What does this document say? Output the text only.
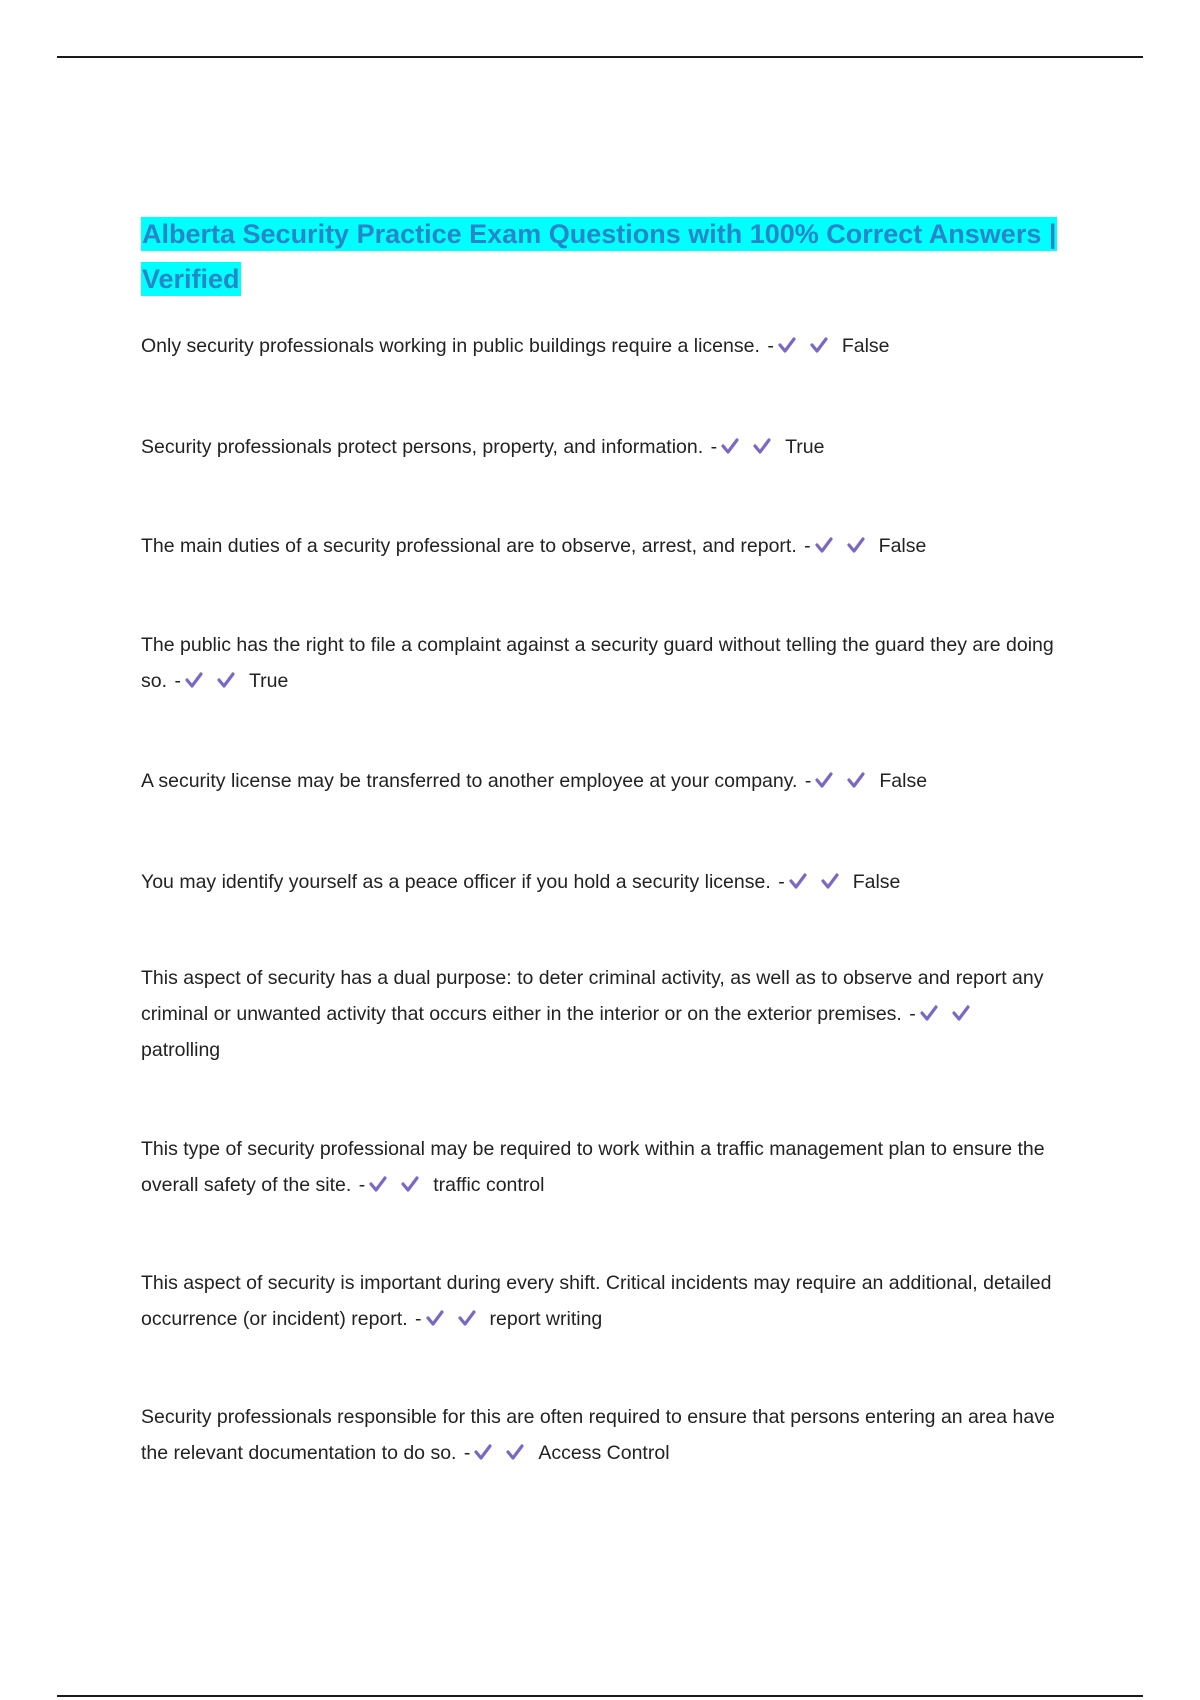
Alberta Security Practice Exam Questions with 100% Correct Answers | Verified

Only security professionals working in public buildings require a license. -	False

Security professionals protect persons, property, and information. -	True

The main duties of a security professional are to observe, arrest, and report. -	False

The public has the right to file a complaint against a security guard without telling the guard they are doing so. -	True

A security license may be transferred to another employee at your company. -	False

You may identify yourself as a peace officer if you hold a security license. -	False

This aspect of security has a dual purpose: to deter criminal activity, as well as to observe and report any criminal or unwanted activity that occurs either in the interior or on the exterior premises. -
patrolling

This type of security professional may be required to work within a traffic management plan to ensure the overall safety of the site. -	traffic control

This aspect of security is important during every shift. Critical incidents may require an additional, detailed occurrence (or incident) report. -	report writing

Security professionals responsible for this are often required to ensure that persons entering an area have the relevant documentation to do so. -	Access Control
